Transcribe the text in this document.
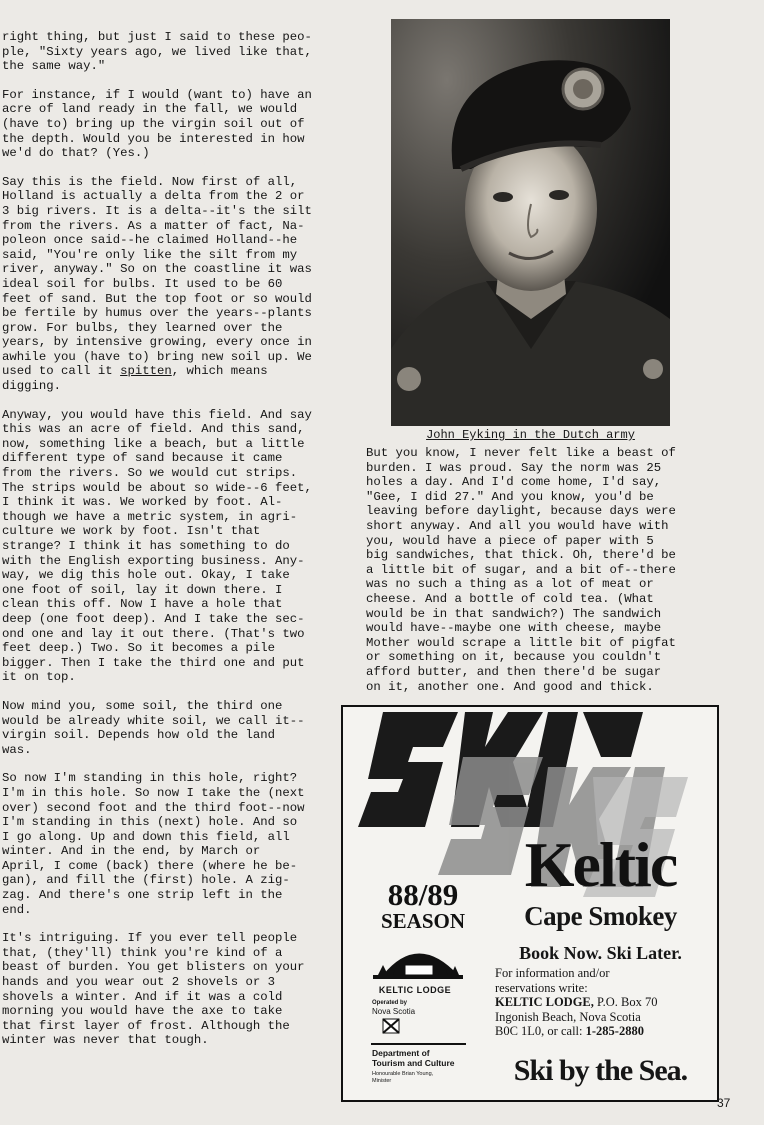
right thing, but just I said to these peo-
ple, "Sixty years ago, we lived like that,
the same way."

For instance, if I would (want to) have an
acre of land ready in the fall, we would
(have to) bring up the virgin soil out of
the depth. Would you be interested in how
we'd do that? (Yes.)

Say this is the field. Now first of all,
Holland is actually a delta from the 2 or
3 big rivers. It is a delta--it's the silt
from the rivers. As a matter of fact, Na-
poleon once said--he claimed Holland--he
said, "You're only like the silt from my
river, anyway." So on the coastline it was
ideal soil for bulbs. It used to be 60
feet of sand. But the top foot or so would
be fertile by humus over the years--plants
grow. For bulbs, they learned over the
years, by intensive growing, every once in
awhile you (have to) bring new soil up. We
used to call it spitten, which means
digging.

Anyway, you would have this field. And say
this was an acre of field. And this sand,
now, something like a beach, but a little
different type of sand because it came
from the rivers. So we would cut strips.
The strips would be about so wide--6 feet,
I think it was. We worked by foot. Al-
though we have a metric system, in agri-
culture we work by foot. Isn't that
strange? I think it has something to do
with the English exporting business. Any-
way, we dig this hole out. Okay, I take
one foot of soil, lay it down there. I
clean this off. Now I have a hole that
deep (one foot deep). And I take the sec-
ond one and lay it out there. (That's two
feet deep.) Two. So it becomes a pile
bigger. Then I take the third one and put
it on top.

Now mind you, some soil, the third one
would be already white soil, we call it--
virgin soil. Depends how old the land
was.

So now I'm standing in this hole, right?
I'm in this hole. So now I take the (next
over) second foot and the third foot--now
I'm standing in this (next) hole. And so
I go along. Up and down this field, all
winter. And in the end, by March or
April, I come (back) there (where he be-
gan), and fill the (first) hole. A zig-
zag. And there's one strip left in the
end.

It's intriguing. If you ever tell people
that, (they'll) think you're kind of a
beast of burden. You get blisters on your
hands and you wear out 2 shovels or 3
shovels a winter. And if it was a cold
morning you would have the axe to take
that first layer of frost. Although the
winter was never that tough.

John Eyking in the Dutch army

But you know, I never felt like a beast of
burden. I was proud. Say the norm was 25
holes a day. And I'd come home, I'd say,
"Gee, I did 27." And you know, you'd be
leaving before daylight, because days were
short anyway. And all you would have with
you, would have a piece of paper with 5
big sandwiches, that thick. Oh, there'd be
a little bit of sugar, and a bit of--there
was no such a thing as a lot of meat or
cheese. And a bottle of cold tea. (What
would be in that sandwich?) The sandwich
would have--maybe one with cheese, maybe
Mother would scrape a little bit of pigfat
or something on it, because you couldn't
afford butter, and then there'd be sugar
on it, another one. And good and thick.

88/89
SEASON
KELTIC LODGE
Operated by
Nova Scotia
Department of
Tourism and Culture
Honourable Brian Young,
Minister
Keltic
Cape Smokey
Book Now. Ski Later.
For information and/or
reservations write:
KELTIC LODGE, P.O. Box 70
Ingonish Beach, Nova Scotia
B0C 1L0, or call: 1-285-2880
Ski by the Sea.
37
